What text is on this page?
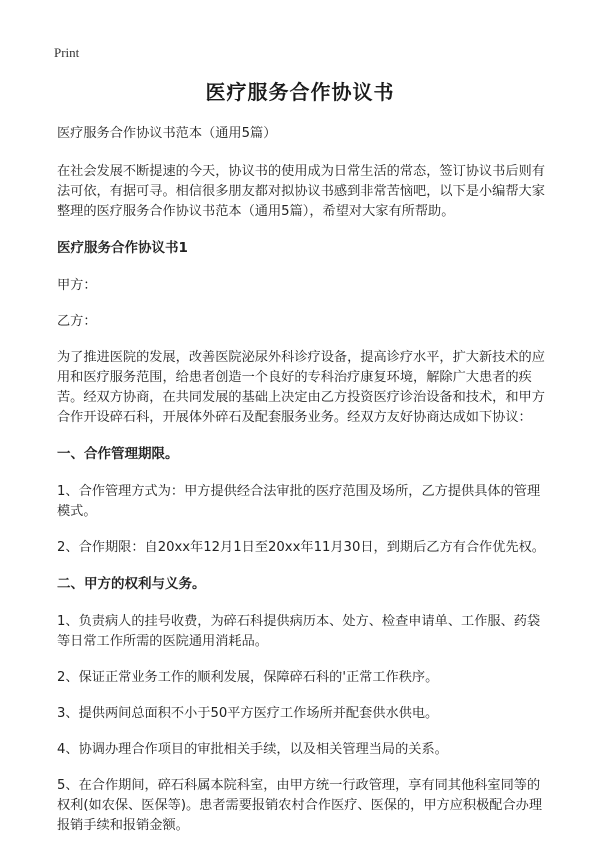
Print
医疗服务合作协议书

医疗服务合作协议书范本（通用5篇）

在社会发展不断提速的今天，协议书的使用成为日常生活的常态，签订协议书后则有法可依，有据可寻。相信很多朋友都对拟协议书感到非常苦恼吧，以下是小编帮大家整理的医疗服务合作协议书范本（通用5篇），希望对大家有所帮助。

医疗服务合作协议书1

甲方：

乙方：

为了推进医院的发展，改善医院泌尿外科诊疗设备，提高诊疗水平，扩大新技术的应用和医疗服务范围，给患者创造一个良好的专科治疗康复环境，解除广大患者的疾苦。经双方协商，在共同发展的基础上决定由乙方投资医疗诊治设备和技术，和甲方合作开设碎石科，开展体外碎石及配套服务业务。经双方友好协商达成如下协议：

一、合作管理期限。

1、合作管理方式为：甲方提供经合法审批的医疗范围及场所，乙方提供具体的管理模式。

2、合作期限：自20xx年12月1日至20xx年11月30日，到期后乙方有合作优先权。

二、甲方的权利与义务。

1、负责病人的挂号收费，为碎石科提供病历本、处方、检查申请单、工作服、药袋等日常工作所需的医院通用消耗品。

2、保证正常业务工作的顺利发展，保障碎石科的'正常工作秩序。

3、提供两间总面积不小于50平方医疗工作场所并配套供水供电。

4、协调办理合作项目的审批相关手续，以及相关管理当局的关系。

5、在合作期间，碎石科属本院科室，由甲方统一行政管理，享有同其他科室同等的权利(如农保、医保等)。患者需要报销农村合作医疗、医保的，甲方应积极配合办理报销手续和报销金额。
